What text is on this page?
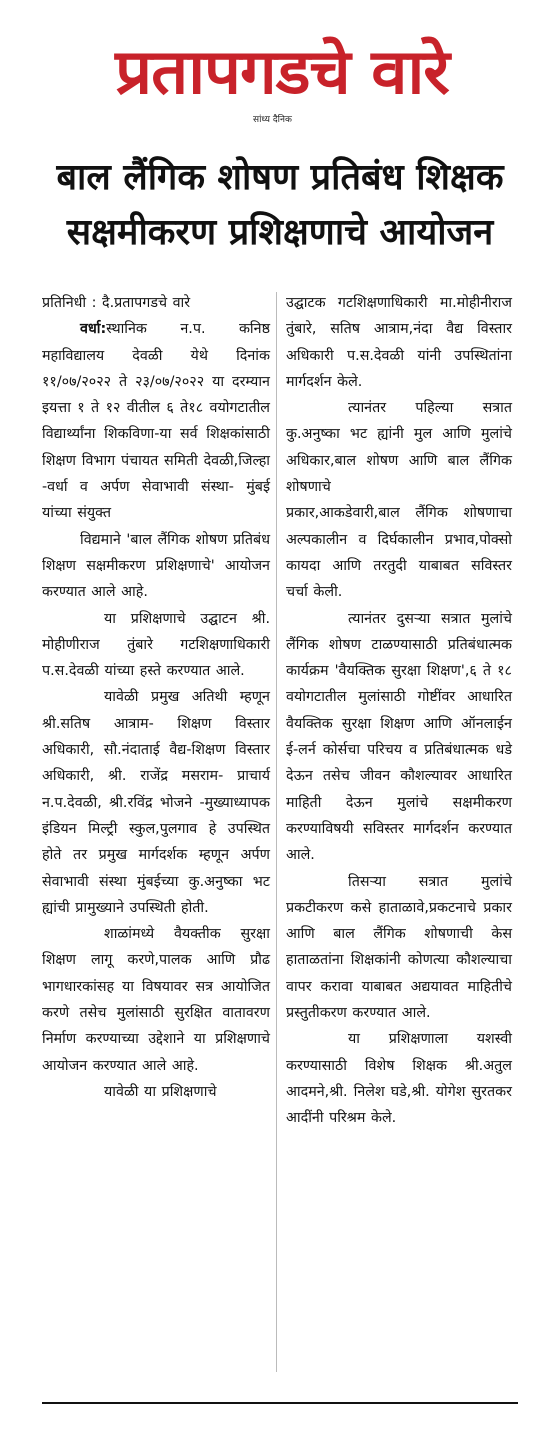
प्रतापगडचे वारे
सांध्य दैनिक
बाल लैंगिक शोषण प्रतिबंध शिक्षक
सक्षमीकरण प्रशिक्षणाचे आयोजन

प्रतिनिधी : दै.प्रतापगडचे वारे

वर्धा:स्थानिक न.प. कनिष्ठ महाविद्यालय देवळी येथे दिनांक ११/०७/२०२२ ते २३/०७/२०२२ या दरम्यान इयत्ता १ ते १२ वीतील ६ ते१८ वयोगटातील विद्यार्थ्यांना शिकविणा-या सर्व शिक्षकांसाठी शिक्षण विभाग पंचायत समिती देवळी,जिल्हा -वर्धा व अर्पण सेवाभावी संस्था- मुंबई यांच्या संयुक्त

विद्यमाने 'बाल लैंगिक शोषण प्रतिबंध शिक्षण सक्षमीकरण प्रशिक्षणाचे' आयोजन करण्यात आले आहे.

या प्रशिक्षणाचे उद्घाटन श्री. मोहीणीराज तुंबारे गटशिक्षणाधिकारी प.स.देवळी यांच्या हस्ते करण्यात आले.

यावेळी प्रमुख अतिथी म्हणून श्री.सतिष आत्राम- शिक्षण विस्तार अधिकारी, सौ.नंदाताई वैद्य-शिक्षण विस्तार अधिकारी, श्री. राजेंद्र मसराम- प्राचार्य न.प.देवळी, श्री.रविंद्र भोजने -मुख्याध्यापक इंडियन मिल्ट्री स्कुल,पुलगाव हे उपस्थित होते तर प्रमुख मार्गदर्शक म्हणून अर्पण सेवाभावी संस्था मुंबईच्या कु.अनुष्का भट ह्यांची प्रामुख्याने उपस्थिती होती.

शाळांमध्ये वैयक्तीक सुरक्षा शिक्षण लागू करणे,पालक आणि प्रौढ भागधारकांसह या विषयावर सत्र आयोजित करणे तसेच मुलांसाठी सुरक्षित वातावरण निर्माण करण्याच्या उद्देशाने या प्रशिक्षणाचे आयोजन करण्यात आले आहे.

यावेळी या प्रशिक्षणाचे

उद्घाटक गटशिक्षणाधिकारी मा.मोहीनीराज तुंबारे, सतिष आत्राम,नंदा वैद्य विस्तार अधिकारी प.स.देवळी यांनी उपस्थितांना मार्गदर्शन केले.

त्यानंतर पहिल्या सत्रात कु.अनुष्का भट ह्यांनी मुल आणि मुलांचे अधिकार,बाल शोषण आणि बाल लैंगिक शोषणाचे

प्रकार,आकडेवारी,बाल लैंगिक शोषणाचा अल्पकालीन व दिर्घकालीन प्रभाव,पोक्सो कायदा आणि तरतुदी याबाबत सविस्तर चर्चा केली.

त्यानंतर दुसऱ्या सत्रात मुलांचे लैंगिक शोषण टाळण्यासाठी प्रतिबंधात्मक कार्यक्रम 'वैयक्तिक सुरक्षा शिक्षण',६ ते १८ वयोगटातील मुलांसाठी गोष्टींवर आधारित वैयक्तिक सुरक्षा शिक्षण आणि ऑनलाईन ई-लर्न कोर्सचा परिचय व प्रतिबंधात्मक धडे देऊन तसेच जीवन कौशल्यावर आधारित माहिती देऊन मुलांचे सक्षमीकरण करण्याविषयी सविस्तर मार्गदर्शन करण्यात आले.

तिसऱ्या सत्रात मुलांचे प्रकटीकरण कसे हाताळावे,प्रकटनाचे प्रकार आणि बाल लैंगिक शोषणाची केस हाताळतांना शिक्षकांनी कोणत्या कौशल्याचा वापर करावा याबाबत अद्ययावत माहितीचे प्रस्तुतीकरण करण्यात आले.

या प्रशिक्षणाला यशस्वी करण्यासाठी विशेष शिक्षक श्री.अतुल आदमने,श्री. निलेश घडे,श्री. योगेश सुरतकर आदींनी परिश्रम केले.
